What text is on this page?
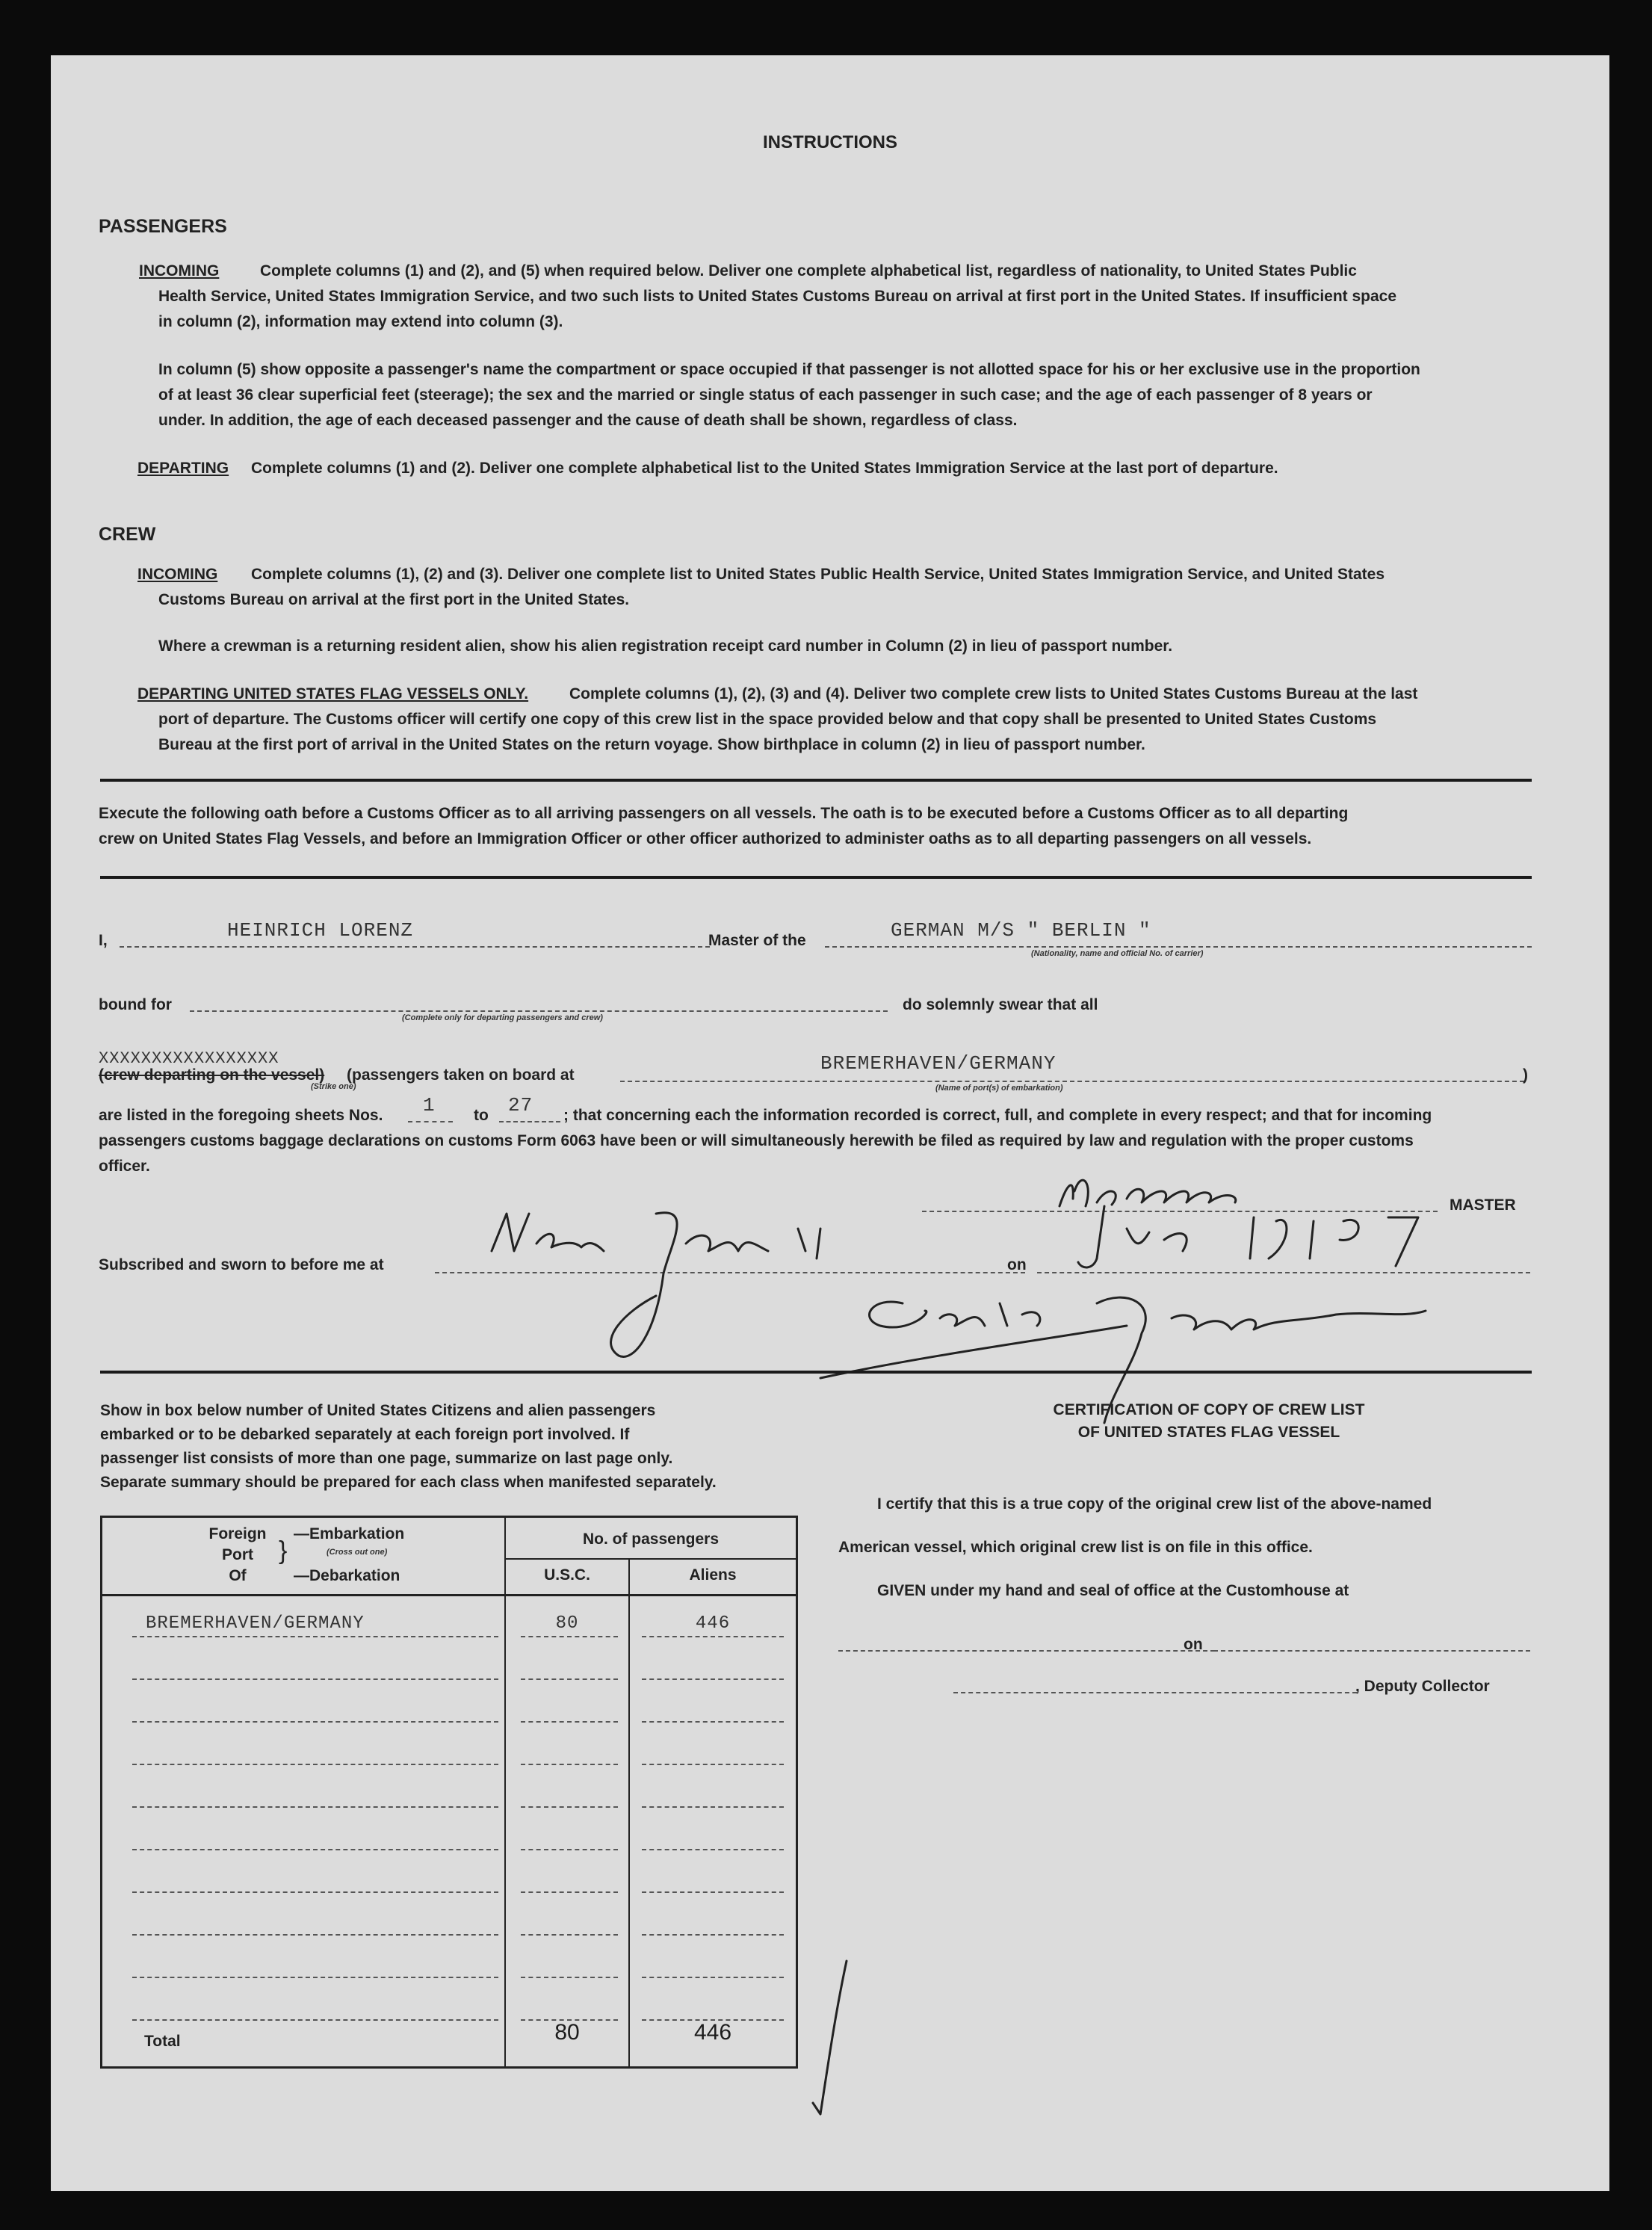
INSTRUCTIONS
PASSENGERS
INCOMING	Complete columns (1) and (2), and (5) when required below. Deliver one complete alphabetical list, regardless of nationality, to United States Public
Health Service, United States Immigration Service, and two such lists to United States Customs Bureau on arrival at first port in the United States. If insufficient space
in column (2), information may extend into column (3).
In column (5) show opposite a passenger's name the compartment or space occupied if that passenger is not allotted space for his or her exclusive use in the proportion
of at least 36 clear superficial feet (steerage); the sex and the married or single status of each passenger in such case; and the age of each passenger of 8 years or
under. In addition, the age of each deceased passenger and the cause of death shall be shown, regardless of class.
DEPARTING Complete columns (1) and (2). Deliver one complete alphabetical list to the United States Immigration Service at the last port of departure.
CREW
INCOMING Complete columns (1), (2) and (3). Deliver one complete list to United States Public Health Service, United States Immigration Service, and United States
Customs Bureau on arrival at the first port in the United States.
Where a crewman is a returning resident alien, show his alien registration receipt card number in Column (2) in lieu of passport number.
DEPARTING UNITED STATES FLAG VESSELS ONLY.	Complete columns (1), (2), (3) and (4). Deliver two complete crew lists to United States Customs Bureau at the last
port of departure. The Customs officer will certify one copy of this crew list in the space provided below and that copy shall be presented to United States Customs
Bureau at the first port of arrival in the United States on the return voyage. Show birthplace in column (2) in lieu of passport number.
Execute the following oath before a Customs Officer as to all arriving passengers on all vessels. The oath is to be executed before a Customs Officer as to all departing
crew on United States Flag Vessels, and before an Immigration Officer or other officer authorized to administer oaths as to all departing passengers on all vessels.
I,	HEINRICH LORENZ	Master of the	GERMAN M/S " BERLIN "
(Nationality, name and official No. of carrier)
bound for
(Complete only for departing passengers and crew)
do solemnly swear that all
XXXXXXXXXXXXXXXXX
(crew departing on the vessel)
(Strike one)
(passengers taken on board at
BREMERHAVEN/GERMANY
(Name of port(s) of embarkation)
)
are listed in the foregoing sheets Nos. 1 to 27 ; that concerning each the information recorded is correct, full, and complete in every respect; and that for incoming
passengers customs baggage declarations on customs Form 6063 have been or will simultaneously herewith be filed as required by law and regulation with the proper customs
officer.
MASTER
Subscribed and sworn to before me at	on
Show in box below number of United States Citizens and alien passengers
embarked or to be debarked separately at each foreign port involved. If
passenger list consists of more than one page, summarize on last page only.
Separate summary should be prepared for each class when manifested separately.
Foreign
Port
Of
}
—Embarkation
(Cross out one)
—Debarkation
No. of passengers
U.S.C.	Aliens
BREMERHAVEN/GERMANY	80	446
Total	80	446
CERTIFICATION OF COPY OF CREW LIST
OF UNITED STATES FLAG VESSEL
I certify that this is a true copy of the original crew list of the above-named
American vessel, which original crew list is on file in this office.
GIVEN under my hand and seal of office at the Customhouse at
on
, Deputy Collector
